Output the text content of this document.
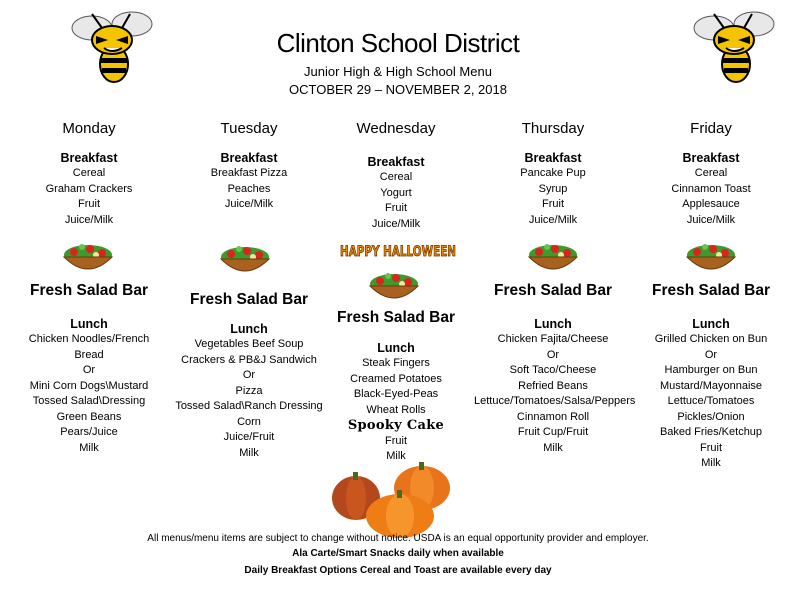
Clinton School District
Junior High & High School Menu
OCTOBER 29 – NOVEMBER 2, 2018
Monday
Breakfast
Cereal
Graham Crackers
Fruit
Juice/Milk
Fresh Salad Bar
Lunch
Chicken Noodles/French
Bread
Or
Mini Corn Dogs\Mustard
Tossed Salad\Dressing
Green Beans
Pears/Juice
Milk
Tuesday
Breakfast
Breakfast Pizza
Peaches
Juice/Milk
Fresh Salad Bar
Lunch
Vegetables Beef Soup
Crackers & PB&J Sandwich
Or
Pizza
Tossed Salad\Ranch Dressing
Corn
Juice/Fruit
Milk
Wednesday
Breakfast
Cereal
Yogurt
Fruit
Juice/Milk
HAPPY HALLOWEEN
Fresh Salad Bar
Lunch
Steak Fingers
Creamed Potatoes
Black-Eyed-Peas
Wheat Rolls
Spooky Cake
Fruit
Milk
Thursday
Breakfast
Pancake Pup
Syrup
Fruit
Juice/Milk
Fresh Salad Bar
Lunch
Chicken Fajita/Cheese
Or
Soft Taco/Cheese
Refried Beans
Lettuce/Tomatoes/Salsa/Peppers
Cinnamon Roll
Fruit Cup/Fruit
Milk
Friday
Breakfast
Cereal
Cinnamon Toast
Applesauce
Juice/Milk
Fresh Salad Bar
Lunch
Grilled Chicken on Bun
Or
Hamburger on Bun
Mustard/Mayonnaise
Lettuce/Tomatoes
Pickles/Onion
Baked Fries/Ketchup
Fruit
Milk
All menus/menu items are subject to change without notice. USDA is an equal opportunity provider and employer.
Ala Carte/Smart Snacks daily when available
Daily Breakfast Options Cereal and Toast are available every day
